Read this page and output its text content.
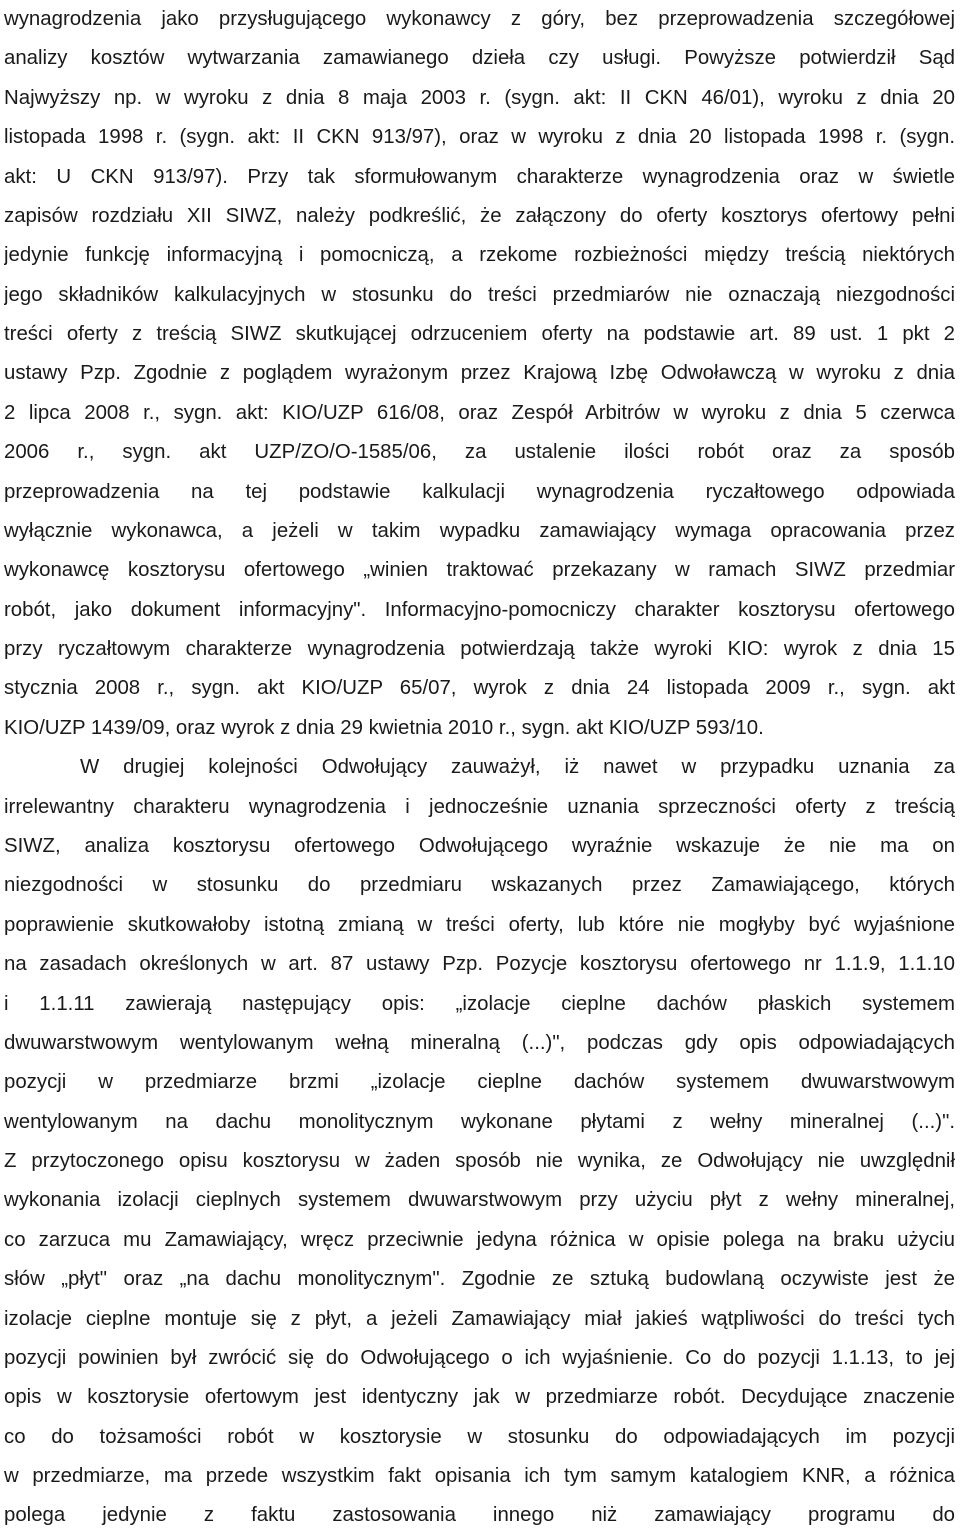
wynagrodzenia jako przysługującego wykonawcy z góry, bez przeprowadzenia szczegółowej
analizy kosztów wytwarzania zamawianego dzieła czy usługi. Powyższe potwierdził Sąd
Najwyższy np. w wyroku z dnia 8 maja 2003 r. (sygn. akt: II CKN 46/01), wyroku z dnia 20
listopada 1998 r. (sygn. akt: II CKN 913/97), oraz w wyroku z dnia 20 listopada 1998 r. (sygn.
akt: U CKN 913/97). Przy tak sformułowanym charakterze wynagrodzenia oraz w świetle
zapisów rozdziału XII SIWZ, należy podkreślić, że załączony do oferty kosztorys ofertowy pełni
jedynie funkcję informacyjną i pomocniczą, a rzekome rozbieżności między treścią niektórych
jego składników kalkulacyjnych w stosunku do treści przedmiarów nie oznaczają niezgodności
treści oferty z treścią SIWZ skutkującej odrzuceniem oferty na podstawie art. 89 ust. 1 pkt 2
ustawy Pzp. Zgodnie z poglądem wyrażonym przez Krajową Izbę Odwoławczą w wyroku z dnia
2 lipca 2008 r., sygn. akt: KIO/UZP 616/08, oraz Zespół Arbitrów w wyroku z dnia 5 czerwca
2006 r., sygn. akt UZP/ZO/O-1585/06, za ustalenie ilości robót oraz za sposób
przeprowadzenia na tej podstawie kalkulacji wynagrodzenia ryczałtowego odpowiada
wyłącznie wykonawca, a jeżeli w takim wypadku zamawiający wymaga opracowania przez
wykonawcę kosztorysu ofertowego „winien traktować przekazany w ramach SIWZ przedmiar
robót, jako dokument informacyjny". Informacyjno-pomocniczy charakter kosztorysu ofertowego
przy ryczałtowym charakterze wynagrodzenia potwierdzają także wyroki KIO: wyrok z dnia 15
stycznia 2008 r., sygn. akt KIO/UZP 65/07, wyrok z dnia 24 listopada 2009 r., sygn. akt
KIO/UZP 1439/09, oraz wyrok z dnia 29 kwietnia 2010 r., sygn. akt KIO/UZP 593/10.
W drugiej kolejności Odwołujący zauważył, iż nawet w przypadku uznania za
irrelewantny charakteru wynagrodzenia i jednocześnie uznania sprzeczności oferty z treścią
SIWZ, analiza kosztorysu ofertowego Odwołującego wyraźnie wskazuje że nie ma on
niezgodności w stosunku do przedmiaru wskazanych przez Zamawiającego, których
poprawienie skutkowałoby istotną zmianą w treści oferty, lub które nie mogłyby być wyjaśnione
na zasadach określonych w art. 87 ustawy Pzp. Pozycje kosztorysu ofertowego nr 1.1.9, 1.1.10
i 1.1.11 zawierają następujący opis: „izolacje cieplne dachów płaskich systemem
dwuwarstwowym wentylowanym wełną mineralną (...)", podczas gdy opis odpowiadających
pozycji w przedmiarze brzmi „izolacje cieplne dachów systemem dwuwarstwowym
wentylowanym na dachu monolitycznym wykonane płytami z wełny mineralnej (...)".
Z przytoczonego opisu kosztorysu w żaden sposób nie wynika, ze Odwołujący nie uwzględnił
wykonania izolacji cieplnych systemem dwuwarstwowym przy użyciu płyt z wełny mineralnej,
co zarzuca mu Zamawiający, wręcz przeciwnie jedyna różnica w opisie polega na braku użyciu
słów „płyt" oraz „na dachu monolitycznym". Zgodnie ze sztuką budowlaną oczywiste jest że
izolacje cieplne montuje się z płyt, a jeżeli Zamawiający miał jakieś wątpliwości do treści tych
pozycji powinien był zwrócić się do Odwołującego o ich wyjaśnienie. Co do pozycji 1.1.13, to jej
opis w kosztorysie ofertowym jest identyczny jak w przedmiarze robót. Decydujące znaczenie
co do tożsamości robót w kosztorysie w stosunku do odpowiadających im pozycji
w przedmiarze, ma przede wszystkim fakt opisania ich tym samym katalogiem KNR, a różnica
polega jedynie z faktu zastosowania innego niż zamawiający programu do
